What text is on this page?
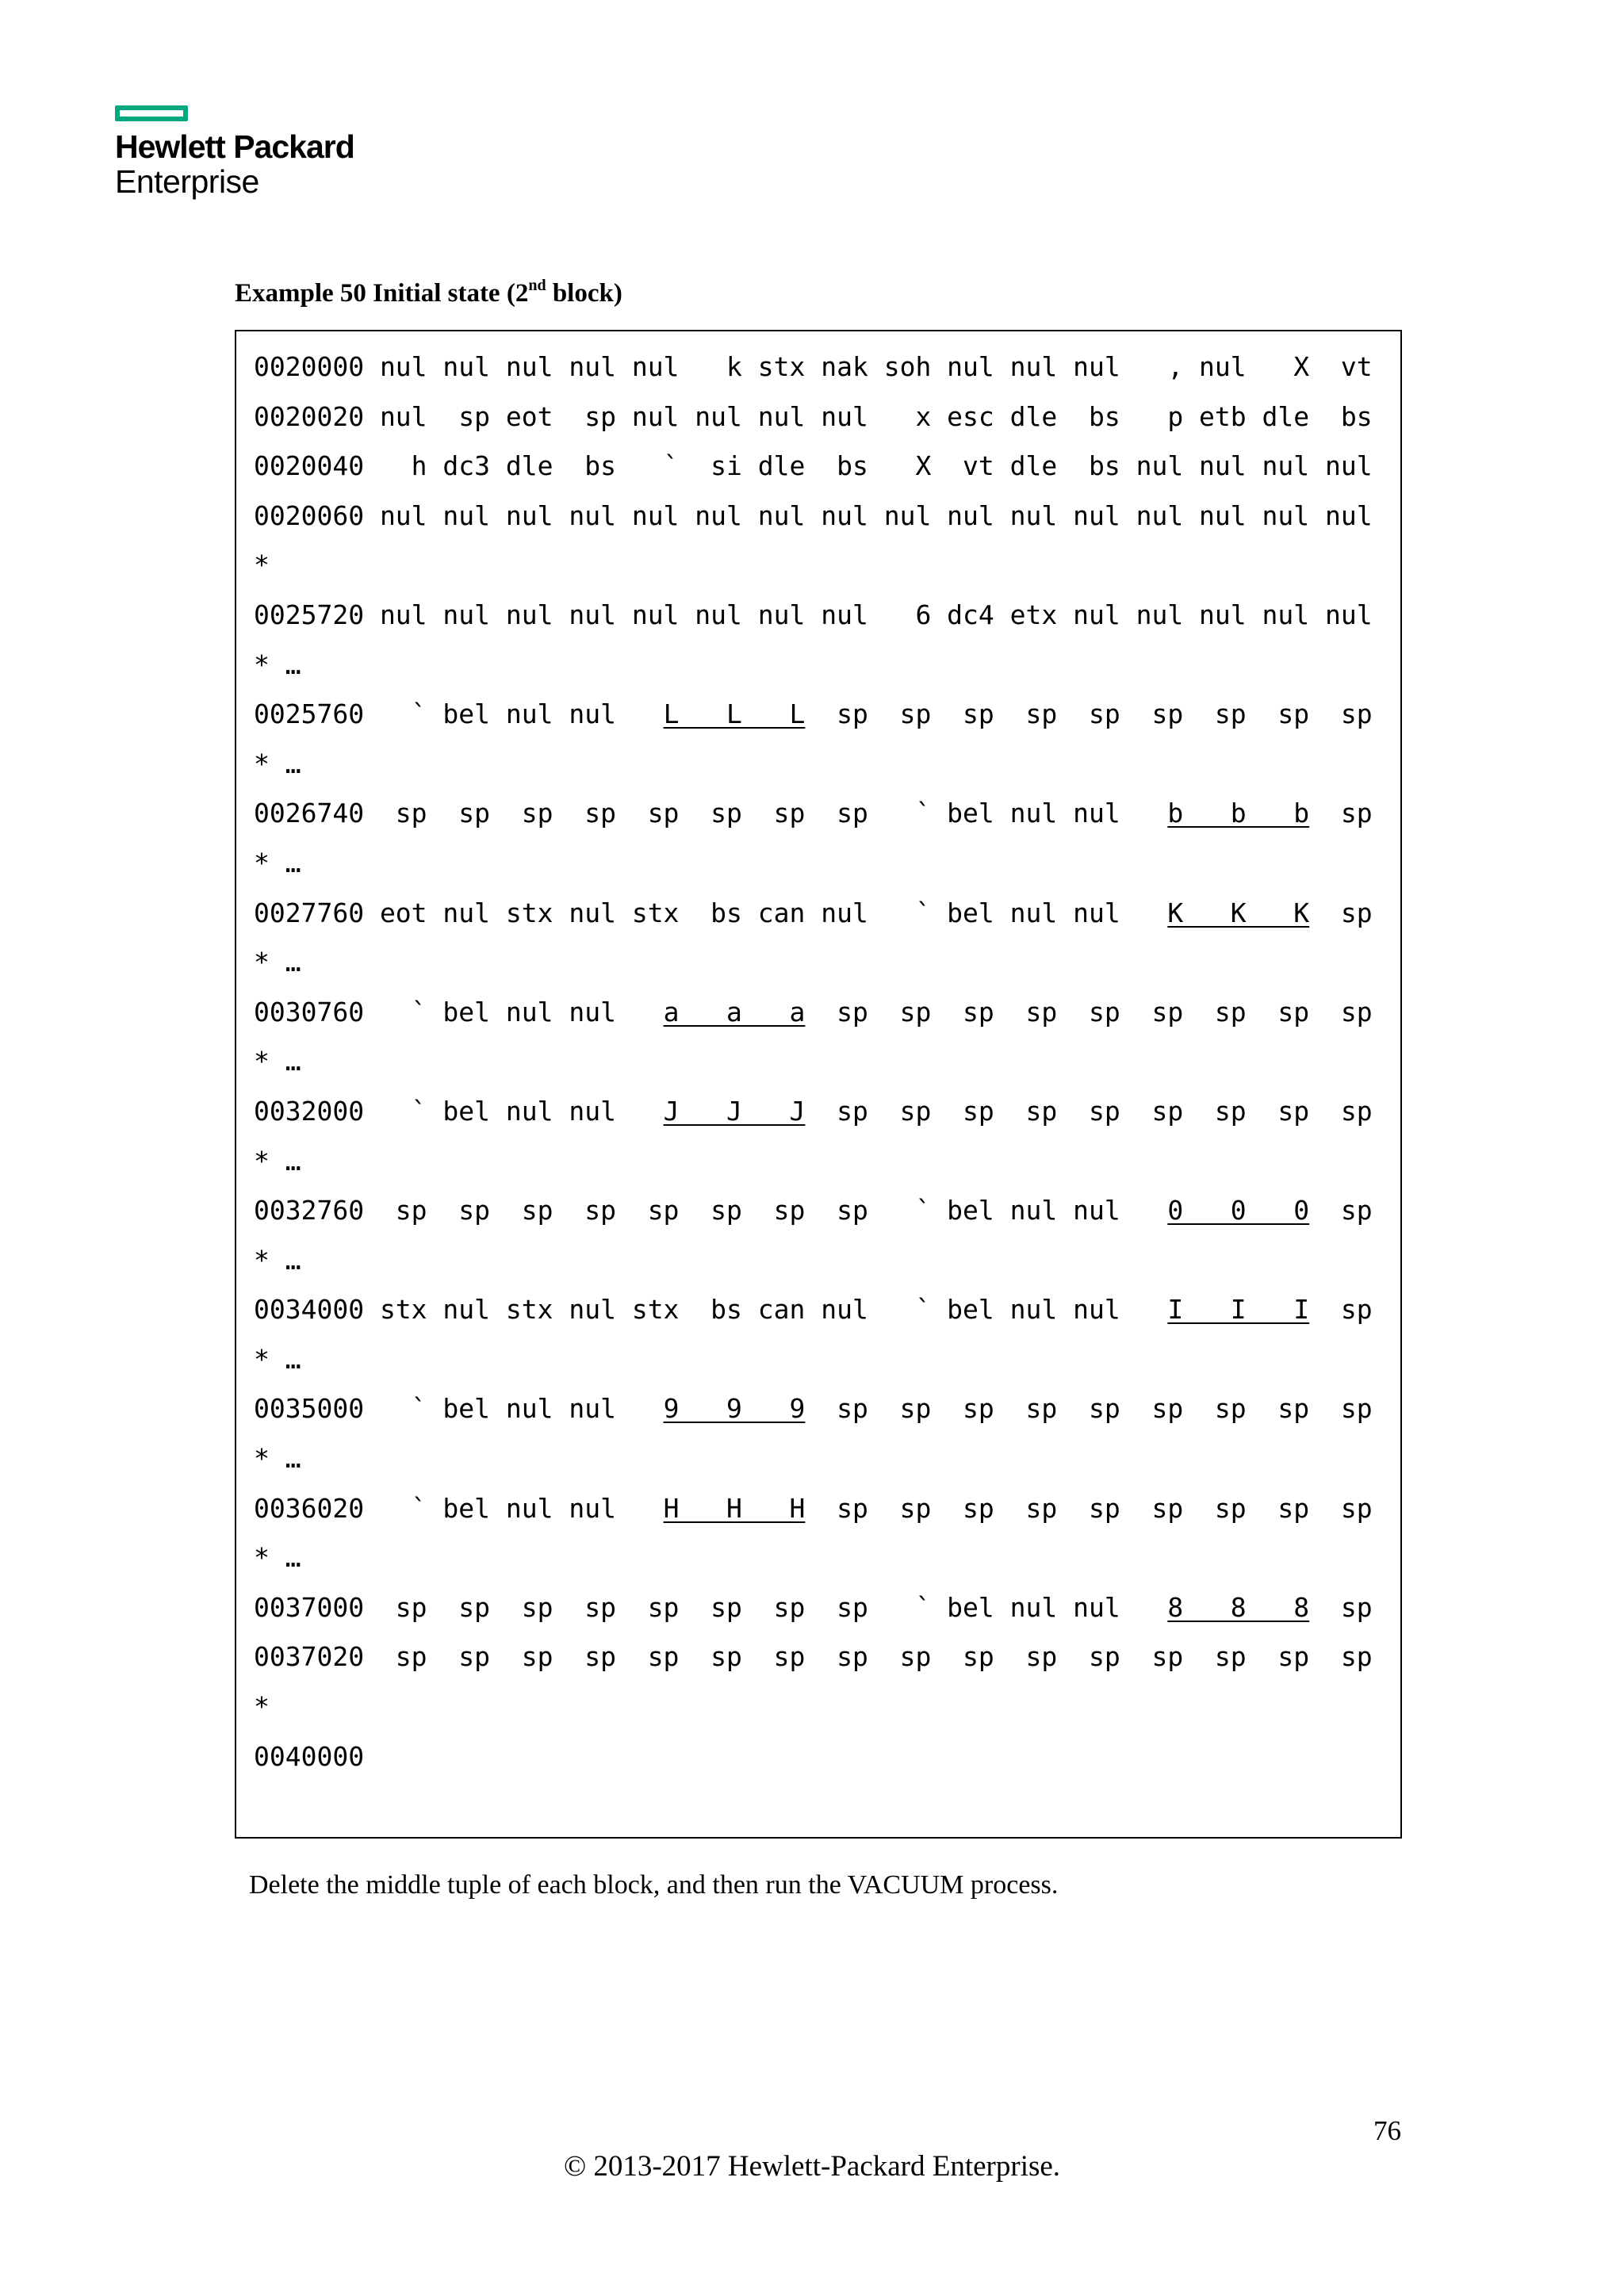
Hewlett Packard
Enterprise
Example 50 Initial state (2nd block)
0020000 nul nul nul nul nul   k stx nak soh nul nul nul   , nul   X  vt
0020020 nul  sp eot  sp nul nul nul nul   x esc dle  bs   p etb dle  bs
0020040   h dc3 dle  bs   `  si dle  bs   X  vt dle  bs nul nul nul nul
0020060 nul nul nul nul nul nul nul nul nul nul nul nul nul nul nul nul
*
0025720 nul nul nul nul nul nul nul nul   6 dc4 etx nul nul nul nul nul
* …
0025760   ` bel nul nul   L   L   L  sp  sp  sp  sp  sp  sp  sp  sp  sp
* …
0026740  sp  sp  sp  sp  sp  sp  sp  sp   ` bel nul nul   b   b   b  sp
* …
0027760 eot nul stx nul stx  bs can nul   ` bel nul nul   K   K   K  sp
* …
0030760   ` bel nul nul   a   a   a  sp  sp  sp  sp  sp  sp  sp  sp  sp
* …
0032000   ` bel nul nul   J   J   J  sp  sp  sp  sp  sp  sp  sp  sp  sp
* …
0032760  sp  sp  sp  sp  sp  sp  sp  sp   ` bel nul nul   0   0   0  sp
* …
0034000 stx nul stx nul stx  bs can nul   ` bel nul nul   I   I   I  sp
* …
0035000   ` bel nul nul   9   9   9  sp  sp  sp  sp  sp  sp  sp  sp  sp
* …
0036020   ` bel nul nul   H   H   H  sp  sp  sp  sp  sp  sp  sp  sp  sp
* …
0037000  sp  sp  sp  sp  sp  sp  sp  sp   ` bel nul nul   8   8   8  sp
0037020  sp  sp  sp  sp  sp  sp  sp  sp  sp  sp  sp  sp  sp  sp  sp  sp
*
0040000
Delete the middle tuple of each block, and then run the VACUUM process.
76
© 2013-2017 Hewlett-Packard Enterprise.
